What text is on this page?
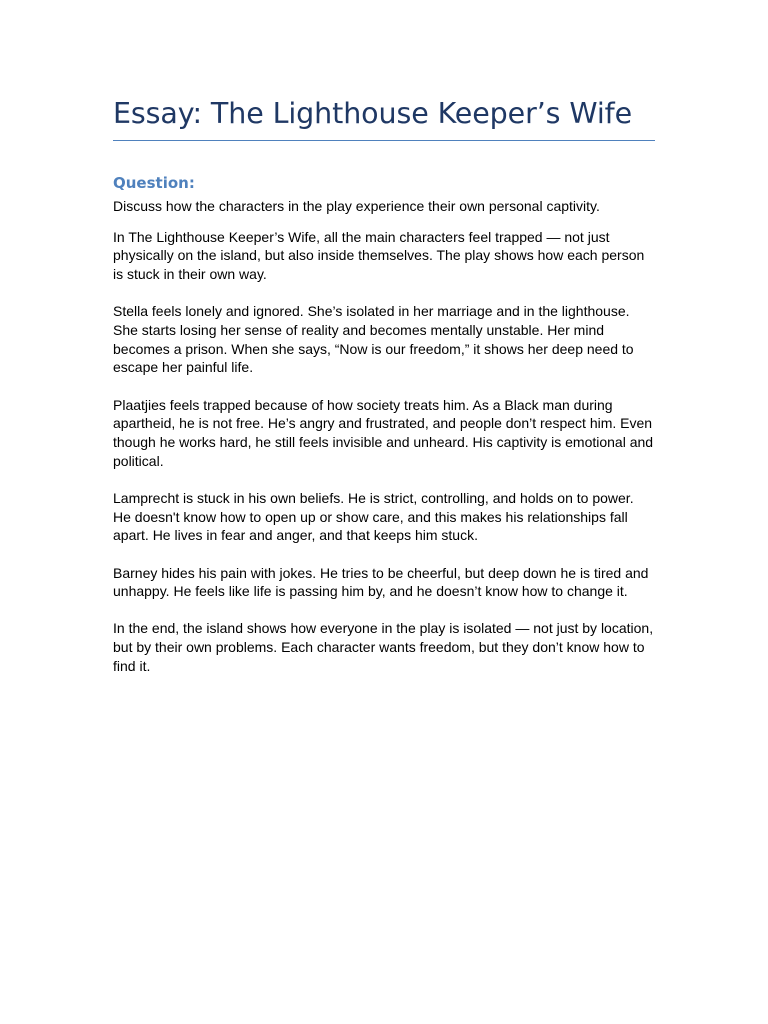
Essay: The Lighthouse Keeper’s Wife
Question:

Discuss how the characters in the play experience their own personal captivity.

In The Lighthouse Keeper’s Wife, all the main characters feel trapped — not just physically on the island, but also inside themselves. The play shows how each person is stuck in their own way.

Stella feels lonely and ignored. She’s isolated in her marriage and in the lighthouse. She starts losing her sense of reality and becomes mentally unstable. Her mind becomes a prison. When she says, “Now is our freedom,” it shows her deep need to escape her painful life.

Plaatjies feels trapped because of how society treats him. As a Black man during apartheid, he is not free. He’s angry and frustrated, and people don’t respect him. Even though he works hard, he still feels invisible and unheard. His captivity is emotional and political.

Lamprecht is stuck in his own beliefs. He is strict, controlling, and holds on to power. He doesn't know how to open up or show care, and this makes his relationships fall apart. He lives in fear and anger, and that keeps him stuck.

Barney hides his pain with jokes. He tries to be cheerful, but deep down he is tired and unhappy. He feels like life is passing him by, and he doesn’t know how to change it.

In the end, the island shows how everyone in the play is isolated — not just by location, but by their own problems. Each character wants freedom, but they don’t know how to find it.
